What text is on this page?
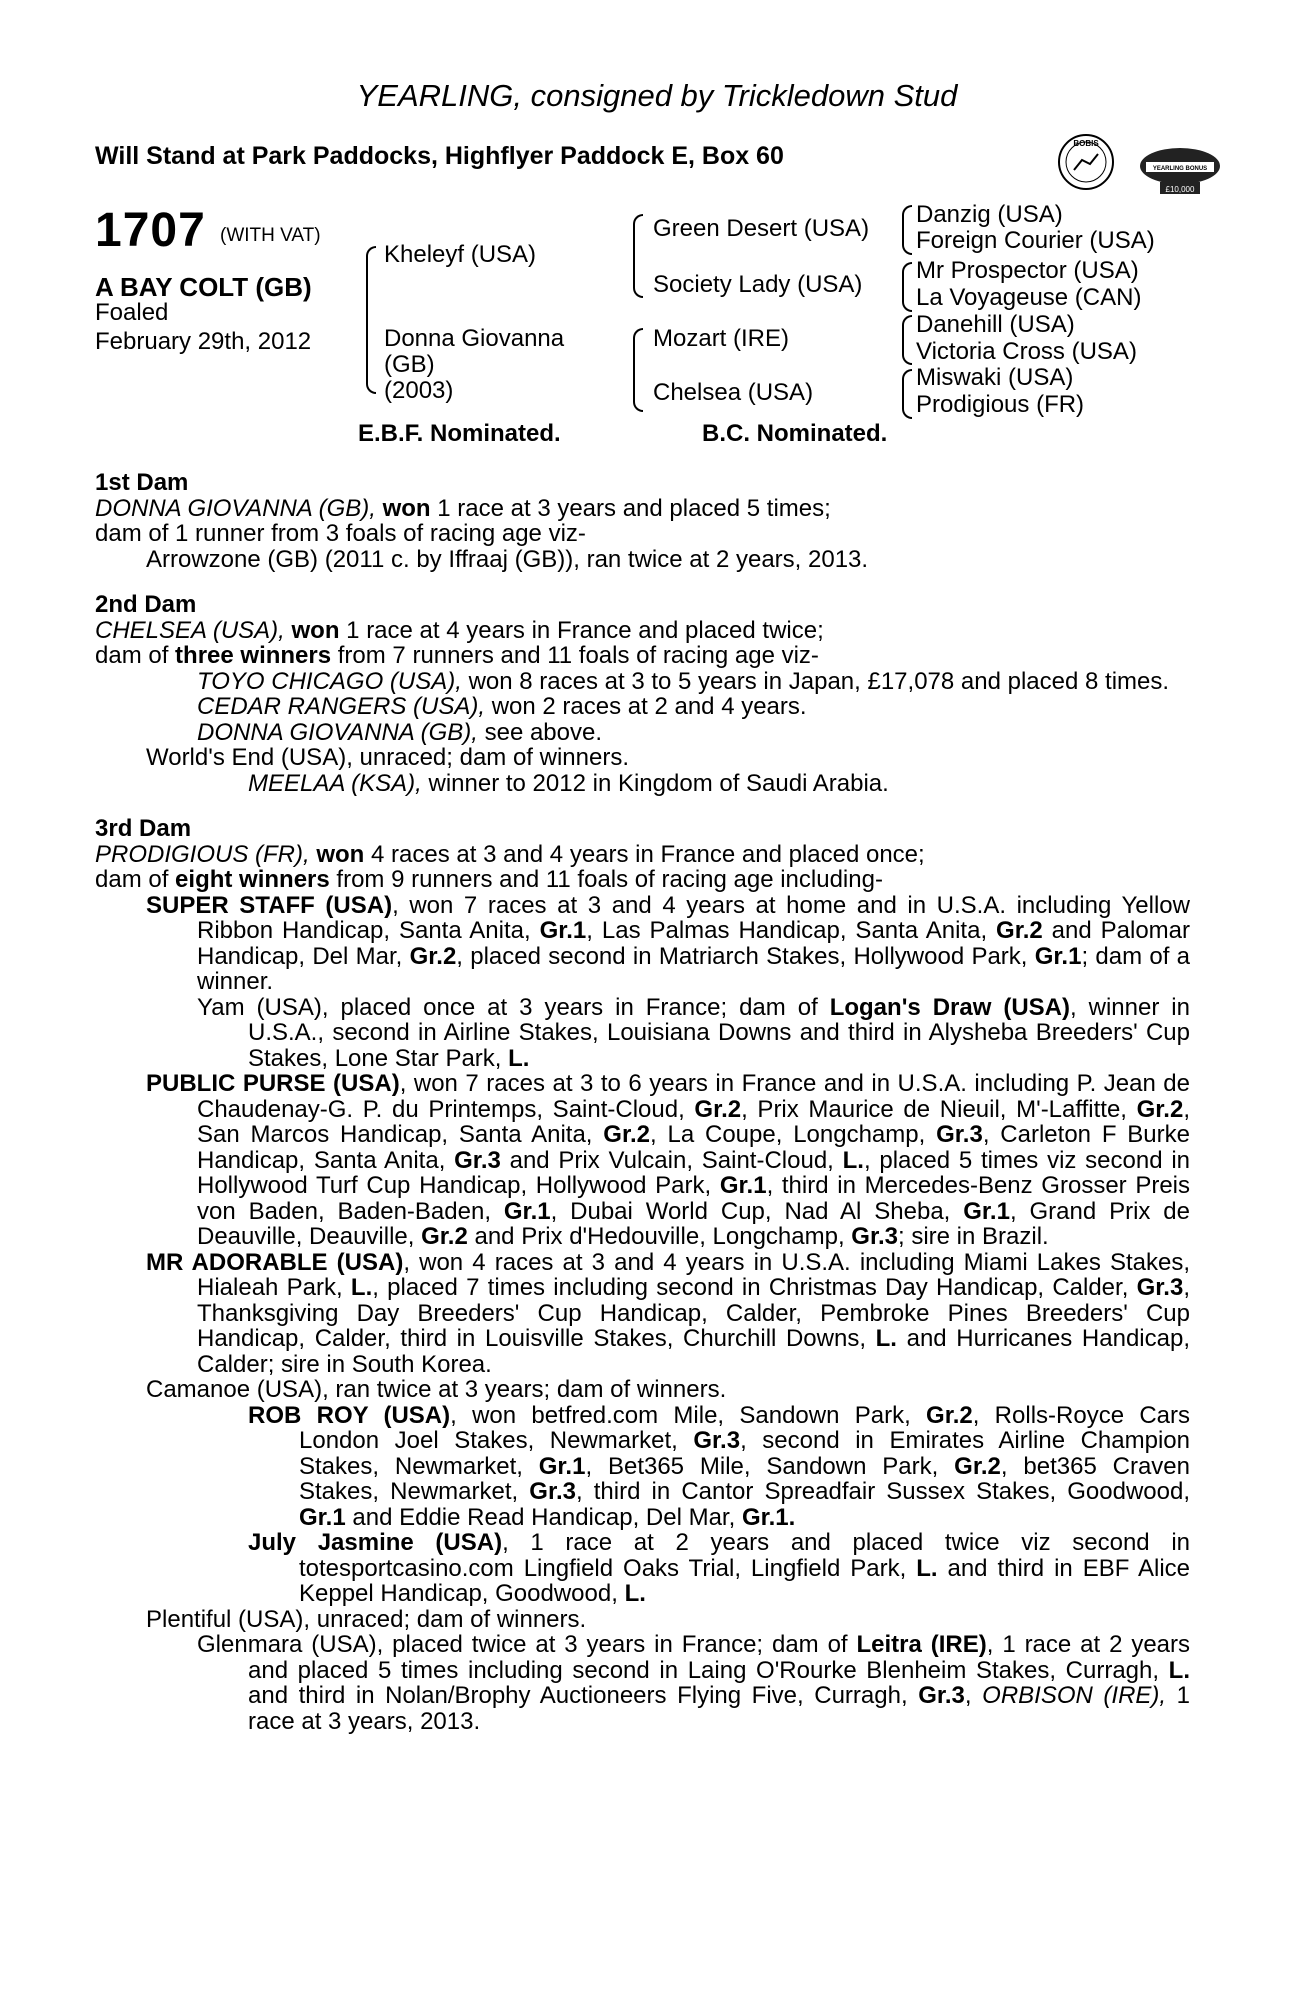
YEARLING, consigned by Trickledown Stud
Will Stand at Park Paddocks, Highflyer Paddock E, Box 60	BOBIS
YEARLING BONUS
£10,000
1707 (WITH VAT)
A BAY COLT (GB)
Foaled
February 29th, 2012
Kheleyf (USA)
Donna Giovanna
(GB)
(2003)
Green Desert (USA)
Society Lady (USA)
Mozart (IRE)
Chelsea (USA)
Danzig (USA)
Foreign Courier (USA)
Mr Prospector (USA)
La Voyageuse (CAN)
Danehill (USA)
Victoria Cross (USA)
Miswaki (USA)
Prodigious (FR)
E.B.F. Nominated.	B.C. Nominated.
1st Dam
DONNA GIOVANNA (GB), won 1 race at 3 years and placed 5 times;
dam of 1 runner from 3 foals of racing age viz-
Arrowzone (GB) (2011 c. by Iffraaj (GB)), ran twice at 2 years, 2013.
2nd Dam
CHELSEA (USA), won 1 race at 4 years in France and placed twice;
dam of three winners from 7 runners and 11 foals of racing age viz-
TOYO CHICAGO (USA), won 8 races at 3 to 5 years in Japan, £17,078 and placed 8 times.
CEDAR RANGERS (USA), won 2 races at 2 and 4 years.
DONNA GIOVANNA (GB), see above.
World's End (USA), unraced; dam of winners.
MEELAA (KSA), winner to 2012 in Kingdom of Saudi Arabia.
3rd Dam
PRODIGIOUS (FR), won 4 races at 3 and 4 years in France and placed once;
dam of eight winners from 9 runners and 11 foals of racing age including-
SUPER STAFF (USA), won 7 races at 3 and 4 years at home and in U.S.A. including Yellow Ribbon Handicap, Santa Anita, Gr.1, Las Palmas Handicap, Santa Anita, Gr.2 and Palomar Handicap, Del Mar, Gr.2, placed second in Matriarch Stakes, Hollywood Park, Gr.1; dam of a winner.
Yam (USA), placed once at 3 years in France; dam of Logan's Draw (USA), winner in U.S.A., second in Airline Stakes, Louisiana Downs and third in Alysheba Breeders' Cup Stakes, Lone Star Park, L.
PUBLIC PURSE (USA), won 7 races at 3 to 6 years in France and in U.S.A. including P. Jean de Chaudenay-G. P. du Printemps, Saint-Cloud, Gr.2, Prix Maurice de Nieuil, M'-Laffitte, Gr.2, San Marcos Handicap, Santa Anita, Gr.2, La Coupe, Longchamp, Gr.3, Carleton F Burke Handicap, Santa Anita, Gr.3 and Prix Vulcain, Saint-Cloud, L., placed 5 times viz second in Hollywood Turf Cup Handicap, Hollywood Park, Gr.1, third in Mercedes-Benz Grosser Preis von Baden, Baden-Baden, Gr.1, Dubai World Cup, Nad Al Sheba, Gr.1, Grand Prix de Deauville, Deauville, Gr.2 and Prix d'Hedouville, Longchamp, Gr.3; sire in Brazil.
MR ADORABLE (USA), won 4 races at 3 and 4 years in U.S.A. including Miami Lakes Stakes, Hialeah Park, L., placed 7 times including second in Christmas Day Handicap, Calder, Gr.3, Thanksgiving Day Breeders' Cup Handicap, Calder, Pembroke Pines Breeders' Cup Handicap, Calder, third in Louisville Stakes, Churchill Downs, L. and Hurricanes Handicap, Calder; sire in South Korea.
Camanoe (USA), ran twice at 3 years; dam of winners.
ROB ROY (USA), won betfred.com Mile, Sandown Park, Gr.2, Rolls-Royce Cars London Joel Stakes, Newmarket, Gr.3, second in Emirates Airline Champion Stakes, Newmarket, Gr.1, Bet365 Mile, Sandown Park, Gr.2, bet365 Craven Stakes, Newmarket, Gr.3, third in Cantor Spreadfair Sussex Stakes, Goodwood, Gr.1 and Eddie Read Handicap, Del Mar, Gr.1.
July Jasmine (USA), 1 race at 2 years and placed twice viz second in totesportcasino.com Lingfield Oaks Trial, Lingfield Park, L. and third in EBF Alice Keppel Handicap, Goodwood, L.
Plentiful (USA), unraced; dam of winners.
Glenmara (USA), placed twice at 3 years in France; dam of Leitra (IRE), 1 race at 2 years and placed 5 times including second in Laing O'Rourke Blenheim Stakes, Curragh, L. and third in Nolan/Brophy Auctioneers Flying Five, Curragh, Gr.3, ORBISON (IRE), 1 race at 3 years, 2013.
